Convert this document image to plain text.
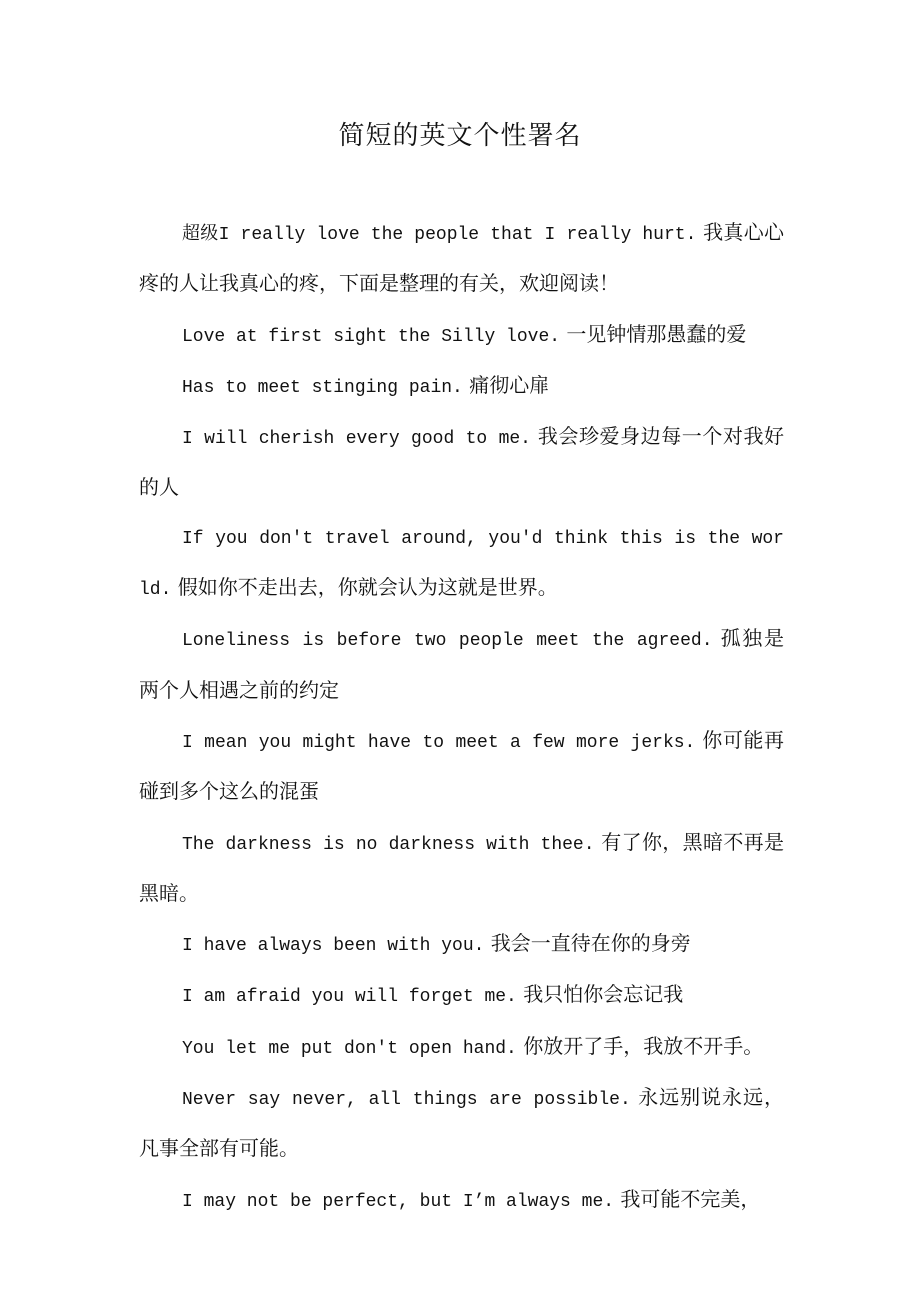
简短的英文个性署名

超级I really love the people that I really hurt. 我真心心疼的人让我真心的疼，下面是整理的有关，欢迎阅读！

Love at first sight the Silly love. 一见钟情那愚蠢的爱

Has to meet stinging pain. 痛彻心扉

I will cherish every good to me. 我会珍爱身边每一个对我好的人

If you don't travel around, you'd think this is the world. 假如你不走出去，你就会认为这就是世界。

Loneliness is before two people meet the agreed. 孤独是两个人相遇之前的约定

I mean you might have to meet a few more jerks. 你可能再碰到多个这么的混蛋

The darkness is no darkness with thee. 有了你，黑暗不再是黑暗。

I have always been with you. 我会一直待在你的身旁

I am afraid you will forget me. 我只怕你会忘记我

You let me put don't open hand. 你放开了手，我放不开手。

Never say never, all things are possible. 永远别说永远，凡事全部有可能。

I may not be perfect, but I’m always me. 我可能不完美，
